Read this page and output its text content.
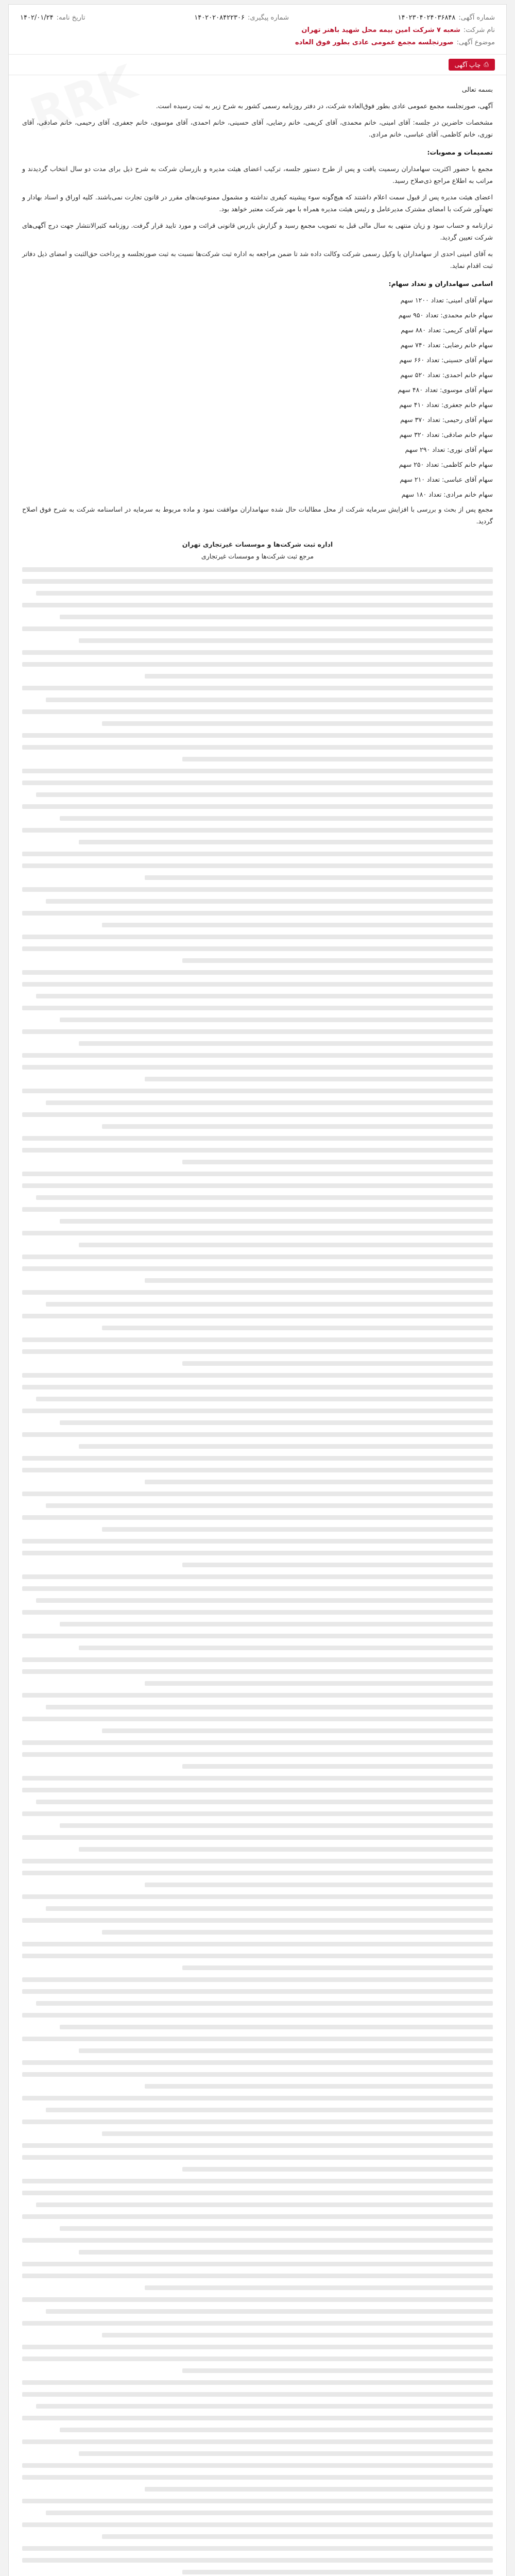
شماره آگهی:۱۴۰۲۳۰۴۰۲۴۰۳۶۸۴۸
شماره پیگیری:۱۴۰۲۰۲۰۸۴۲۲۳۰۶
تاریخ نامه:۱۴۰۲/۰۱/۲۴
نام شرکت:شعبه ۷ شرکت امین بیمه محل شهید باهنر تهران
موضوع آگهی:صورتجلسه مجمع عمومی عادی بطور فوق العاده
⎙
چاپ آگهی

بسمه تعالی

آگهی، صورتجلسه مجمع عمومی عادی بطور فوق‌العاده شرکت، در دفتر روزنامه رسمی کشور به شرح زیر به ثبت رسیده است.

مشخصات حاضرین در جلسه: آقای امینی، خانم محمدی، آقای کریمی، خانم رضایی، آقای حسینی، خانم احمدی، آقای موسوی، خانم جعفری، آقای رحیمی، خانم صادقی، آقای نوری، خانم کاظمی، آقای عباسی، خانم مرادی.

تصمیمات و مصوبات:

مجمع با حضور اکثریت سهامداران رسمیت یافت و پس از طرح دستور جلسه، ترکیب اعضای هیئت مدیره و بازرسان شرکت به شرح ذیل برای مدت دو سال انتخاب گردیدند و مراتب به اطلاع مراجع ذی‌صلاح رسید.

اعضای هیئت مدیره پس از قبول سمت اعلام داشتند که هیچ‌گونه سوء پیشینه کیفری نداشته و مشمول ممنوعیت‌های مقرر در قانون تجارت نمی‌باشند. کلیه اوراق و اسناد بهادار و تعهدآور شرکت با امضای مشترک مدیرعامل و رئیس هیئت مدیره همراه با مهر شرکت معتبر خواهد بود.

ترازنامه و حساب سود و زیان منتهی به سال مالی قبل به تصویب مجمع رسید و گزارش بازرس قانونی قرائت و مورد تایید قرار گرفت. روزنامه کثیرالانتشار جهت درج آگهی‌های شرکت تعیین گردید.

به آقای امینی احدی از سهامداران یا وکیل رسمی شرکت وکالت داده شد تا ضمن مراجعه به اداره ثبت شرکت‌ها نسبت به ثبت صورتجلسه و پرداخت حق‌الثبت و امضای ذیل دفاتر ثبت اقدام نماید.

اسامی سهامداران و تعداد سهام:

سهام آقای امینی: تعداد ۱۲۰۰ سهم

سهام خانم محمدی: تعداد ۹۵۰ سهم

سهام آقای کریمی: تعداد ۸۸۰ سهم

سهام خانم رضایی: تعداد ۷۴۰ سهم

سهام آقای حسینی: تعداد ۶۶۰ سهم

سهام خانم احمدی: تعداد ۵۲۰ سهم

سهام آقای موسوی: تعداد ۴۸۰ سهم

سهام خانم جعفری: تعداد ۴۱۰ سهم

سهام آقای رحیمی: تعداد ۳۷۰ سهم

سهام خانم صادقی: تعداد ۳۲۰ سهم

سهام آقای نوری: تعداد ۲۹۰ سهم

سهام خانم کاظمی: تعداد ۲۵۰ سهم

سهام آقای عباسی: تعداد ۲۱۰ سهم

سهام خانم مرادی: تعداد ۱۸۰ سهم

مجمع پس از بحث و بررسی با افزایش سرمایه شرکت از محل مطالبات حال شده سهامداران موافقت نمود و ماده مربوط به سرمایه در اساسنامه شرکت به شرح فوق اصلاح گردید.

اداره ثبت شرکت‌ها و موسسات غیرتجاری تهران
مرجع ثبت شرکت‌ها و موسسات غیرتجاری
